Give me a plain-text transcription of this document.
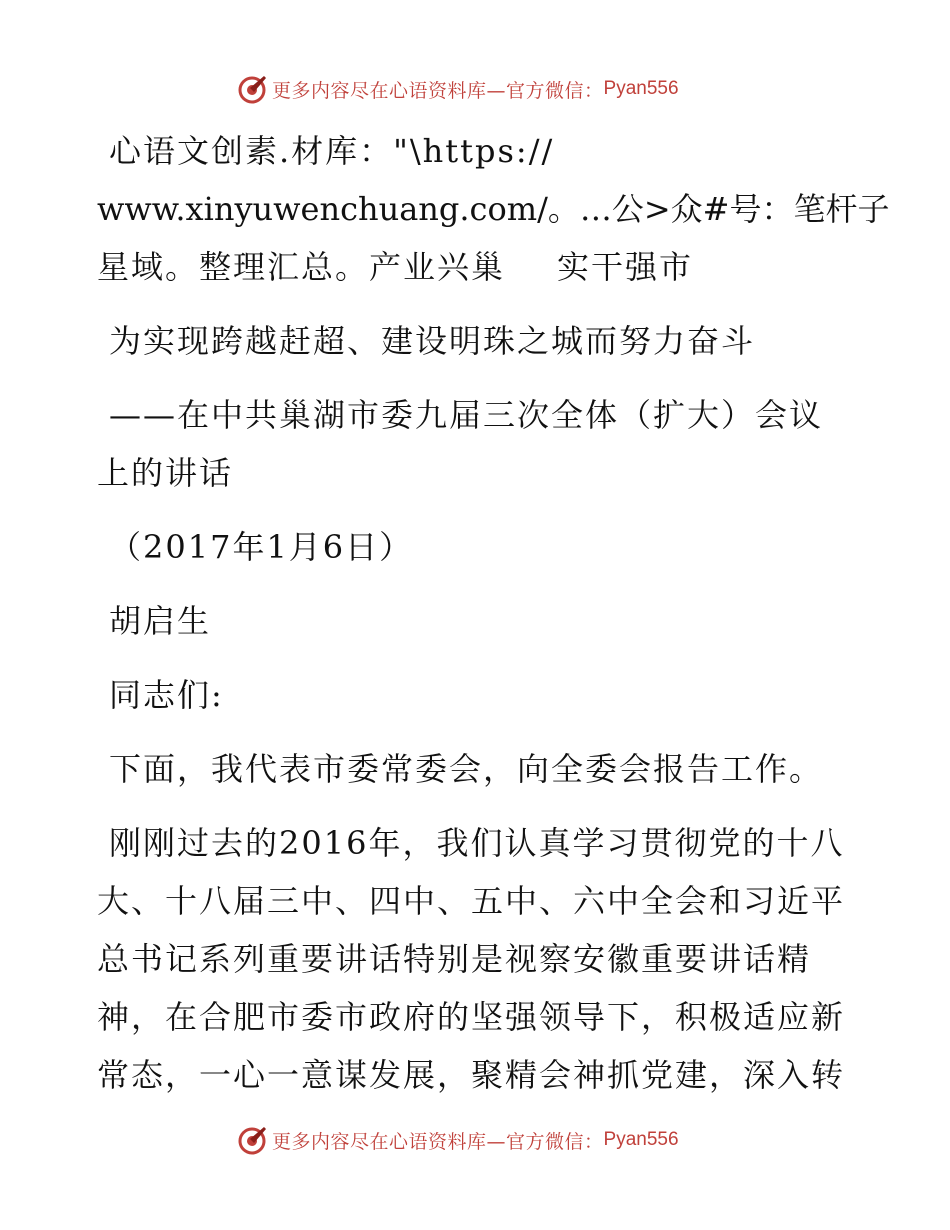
更多内容尽在心语资料库—官方微信： Pyan556
心语文创素.材库："\https://
www.xinyuwenchuang.com/。…公>众#号：笔杆子
星域。整理汇总。产业兴巢 实干强市
为实现跨越赶超、建设明珠之城而努力奋斗
——在中共巢湖市委九届三次全体（扩大）会议
上的讲话
（2017年1月6日）
胡启生
同志们:
下面，我代表市委常委会，向全委会报告工作。
刚刚过去的2016年，我们认真学习贯彻党的十八
大、十八届三中、四中、五中、六中全会和习近平
总书记系列重要讲话特别是视察安徽重要讲话精
神，在合肥市委市政府的坚强领导下，积极适应新
常态，一心一意谋发展，聚精会神抓党建，深入转
更多内容尽在心语资料库—官方微信： Pyan556
